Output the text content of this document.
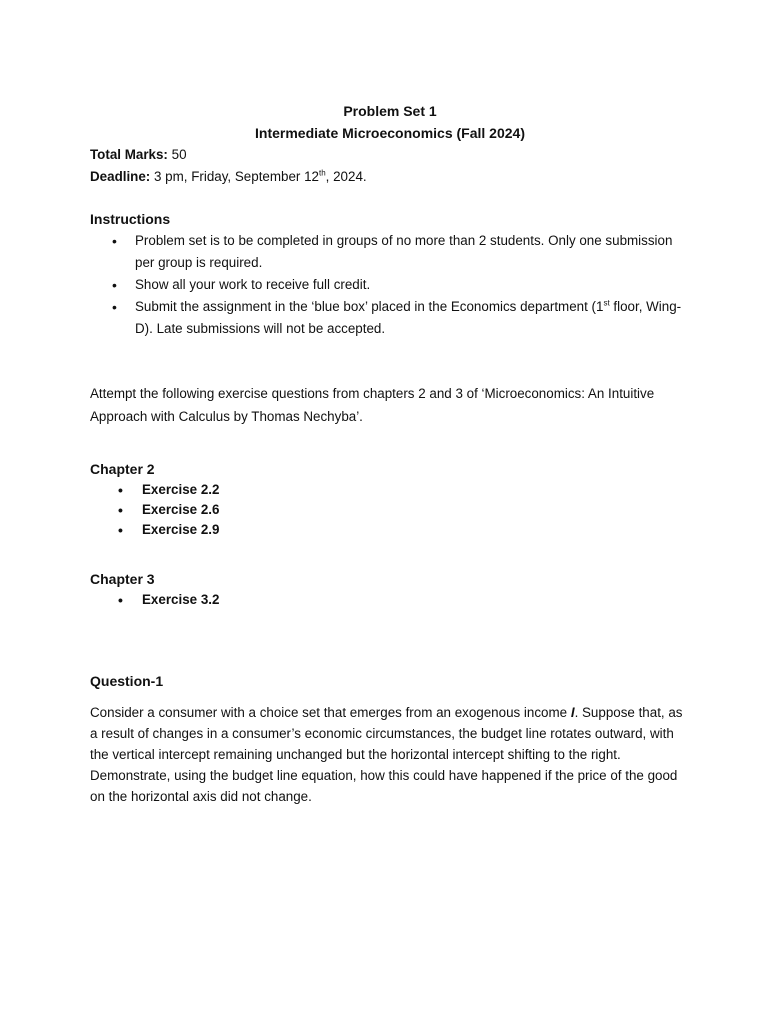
Problem Set 1
Intermediate Microeconomics (Fall 2024)
Total Marks: 50
Deadline: 3 pm, Friday, September 12th, 2024.
Instructions
• Problem set is to be completed in groups of no more than 2 students. Only one submission per group is required.
• Show all your work to receive full credit.
• Submit the assignment in the ‘blue box’ placed in the Economics department (1st floor, Wing-D). Late submissions will not be accepted.
Attempt the following exercise questions from chapters 2 and 3 of ‘Microeconomics: An Intuitive Approach with Calculus by Thomas Nechyba’.
Chapter 2
• Exercise 2.2
• Exercise 2.6
• Exercise 2.9
Chapter 3
• Exercise 3.2
Question-1
Consider a consumer with a choice set that emerges from an exogenous income I. Suppose that, as a result of changes in a consumer’s economic circumstances, the budget line rotates outward, with the vertical intercept remaining unchanged but the horizontal intercept shifting to the right. Demonstrate, using the budget line equation, how this could have happened if the price of the good on the horizontal axis did not change.
